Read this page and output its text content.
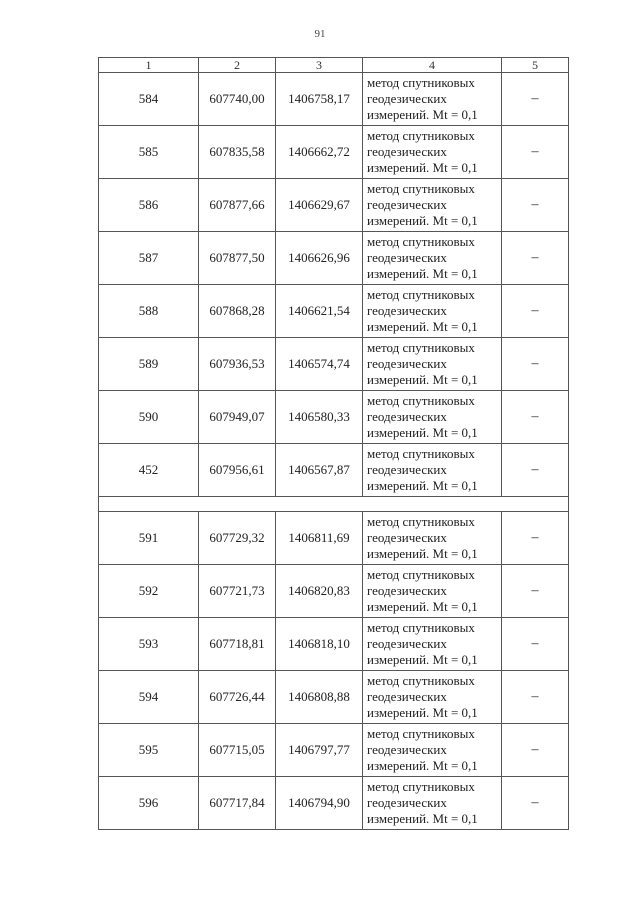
91
1	2	3	4	5
584	607740,00	1406758,17	метод спутниковых
геодезических
измерений. Mt = 0,1	–
585	607835,58	1406662,72	метод спутниковых
геодезических
измерений. Mt = 0,1	–
586	607877,66	1406629,67	метод спутниковых
геодезических
измерений. Mt = 0,1	–
587	607877,50	1406626,96	метод спутниковых
геодезических
измерений. Mt = 0,1	–
588	607868,28	1406621,54	метод спутниковых
геодезических
измерений. Mt = 0,1	–
589	607936,53	1406574,74	метод спутниковых
геодезических
измерений. Mt = 0,1	–
590	607949,07	1406580,33	метод спутниковых
геодезических
измерений. Mt = 0,1	–
452	607956,61	1406567,87	метод спутниковых
геодезических
измерений. Mt = 0,1	–

591	607729,32	1406811,69	метод спутниковых
геодезических
измерений. Mt = 0,1	–
592	607721,73	1406820,83	метод спутниковых
геодезических
измерений. Mt = 0,1	–
593	607718,81	1406818,10	метод спутниковых
геодезических
измерений. Mt = 0,1	–
594	607726,44	1406808,88	метод спутниковых
геодезических
измерений. Mt = 0,1	–
595	607715,05	1406797,77	метод спутниковых
геодезических
измерений. Mt = 0,1	–
596	607717,84	1406794,90	метод спутниковых
геодезических
измерений. Mt = 0,1	–
